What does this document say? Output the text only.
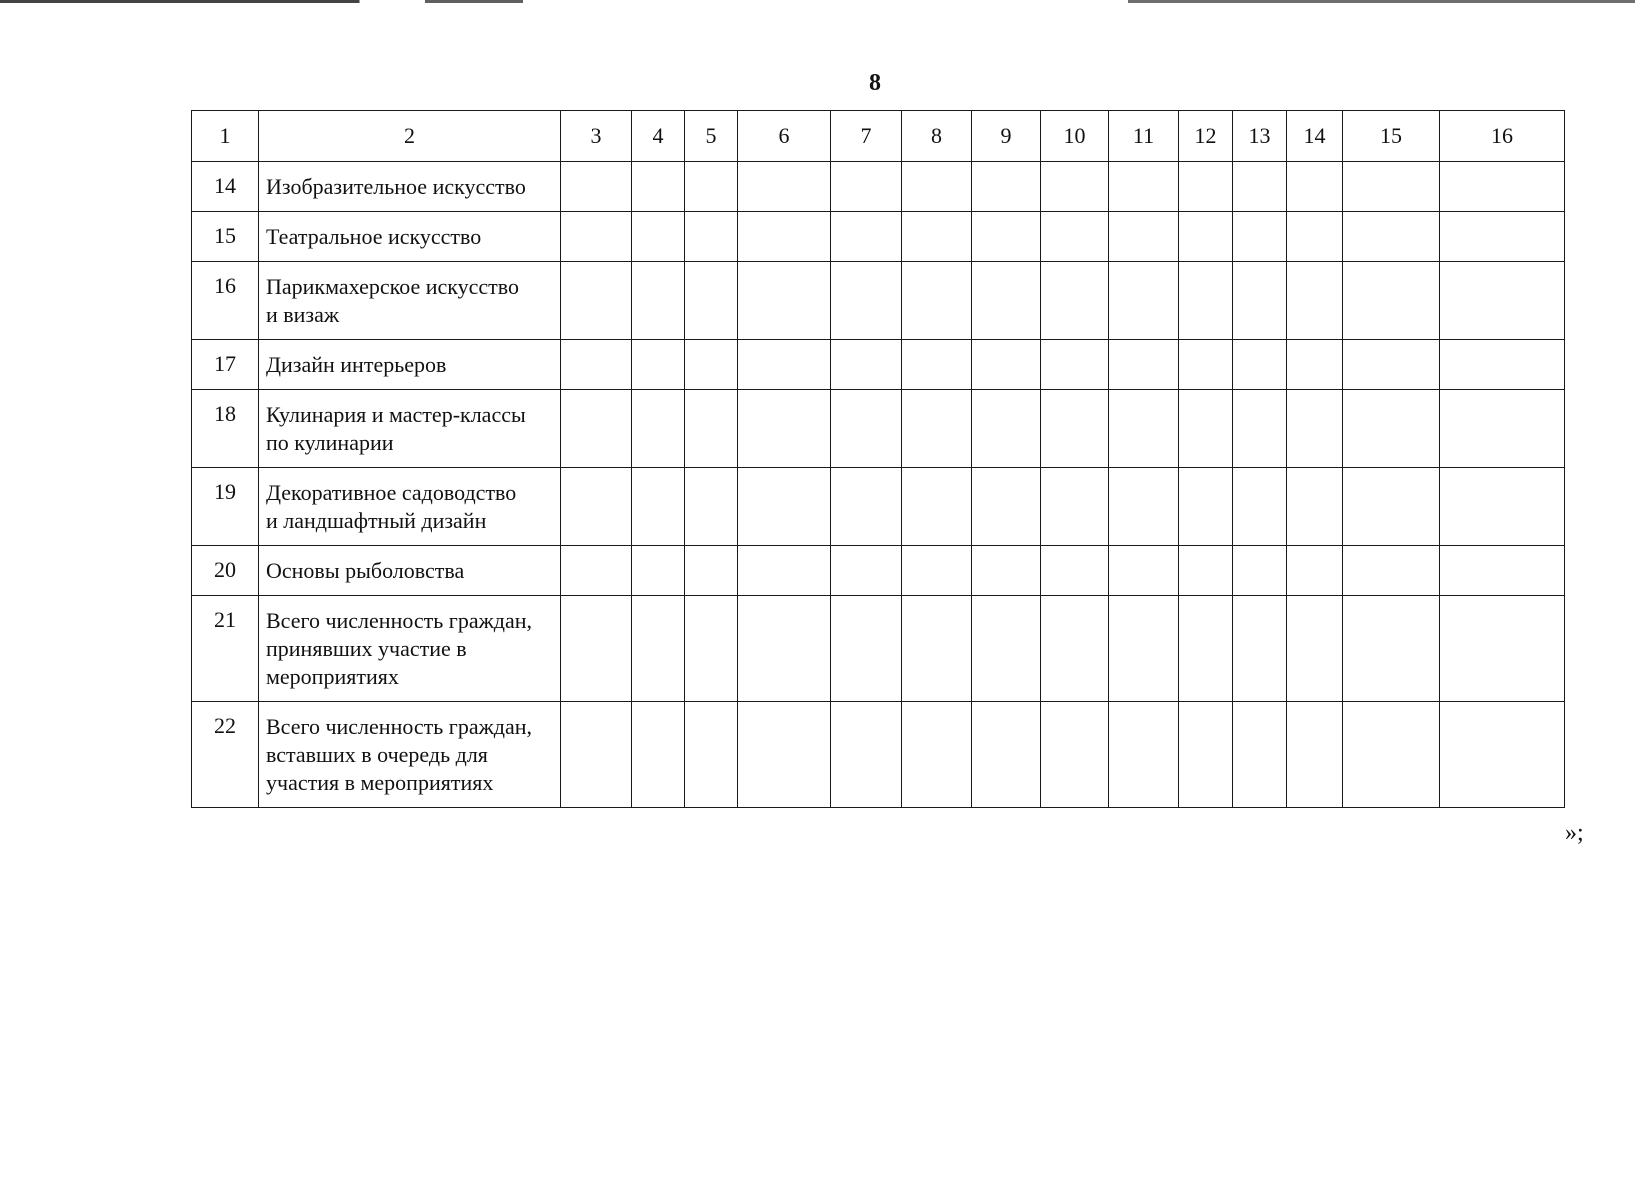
8
1	2	3	4	5	6	7	8	9	10	11	12	13	14	15	16
14	Изобразительное искусство														
15	Театральное искусство														
16	Парикмахерское искусство
и визаж														
17	Дизайн интерьеров														
18	Кулинария и мастер-классы
по кулинарии														
19	Декоративное садоводство
и ландшафтный дизайн														
20	Основы рыболовства														
21	Всего численность граждан,
принявших участие в
мероприятиях														
22	Всего численность граждан,
вставших в очередь для
участия в мероприятиях														
»;
